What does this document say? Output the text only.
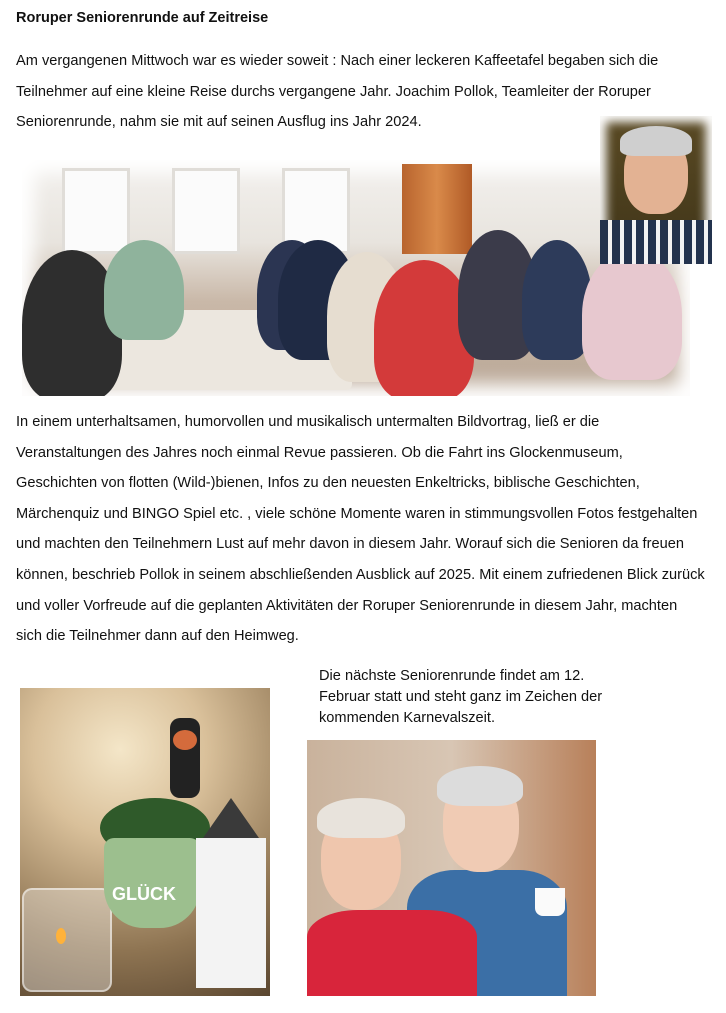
Roruper Seniorenrunde auf Zeitreise

Am vergangenen Mittwoch war es wieder soweit : Nach einer leckeren Kaffeetafel begaben sich die Teilnehmer auf eine kleine Reise durchs vergangene Jahr. Joachim Pollok, Teamleiter der Roruper Seniorenrunde, nahm sie mit auf seinen Ausflug ins Jahr 2024.

In einem unterhaltsamen, humorvollen und musikalisch untermalten Bildvortrag, ließ er die Veranstaltungen des Jahres noch einmal Revue passieren. Ob die Fahrt ins Glockenmuseum, Geschichten von flotten (Wild-)bienen, Infos zu den neuesten Enkeltricks, biblische Geschichten, Märchenquiz und BINGO Spiel etc. , viele schöne Momente waren in stimmungsvollen Fotos festgehalten und machten den Teilnehmern Lust auf mehr davon in diesem Jahr. Worauf sich die Senioren da freuen können, beschrieb Pollok in seinem abschließenden Ausblick auf 2025. Mit einem zufriedenen Blick zurück und voller Vorfreude auf die geplanten Aktivitäten der Roruper Seniorenrunde in diesem Jahr, machten sich die Teilnehmer dann auf den Heimweg.

Die nächste Seniorenrunde findet am 12. Februar statt und steht ganz im Zeichen der kommenden Karnevalszeit.

GLÜCK
